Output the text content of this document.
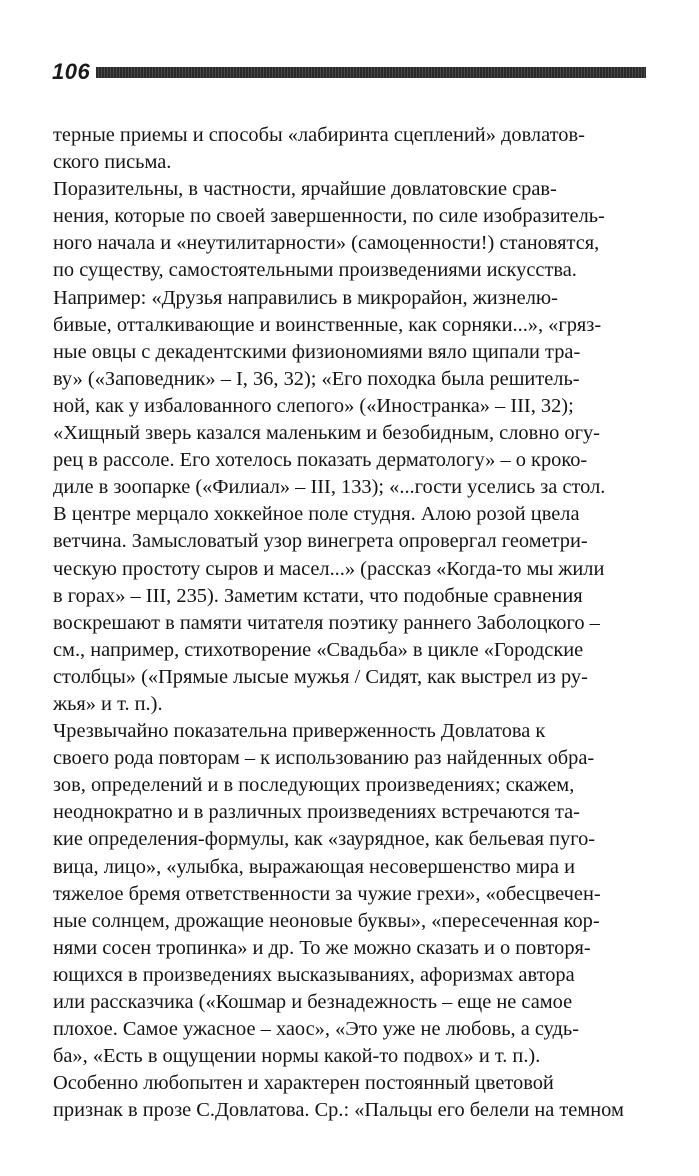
106

терные приемы и способы «лабиринта сцеплений» довлатов-
ского письма.

Поразительны, в частности, ярчайшие довлатовские срав-
нения, которые по своей завершенности, по силе изобразитель-
ного начала и «неутилитарности» (самоценности!) становятся,
по существу, самостоятельными произведениями искусства.

Например: «Друзья направились в микрорайон, жизнелю-
бивые, отталкивающие и воинственные, как сорняки...», «гряз-
ные овцы с декадентскими физиономиями вяло щипали тра-
ву» («Заповедник» – I, 36, 32); «Его походка была решитель-
ной, как у избалованного слепого» («Иностранка» – III, 32);
«Хищный зверь казался маленьким и безобидным, словно огу-
рец в рассоле. Его хотелось показать дерматологу» – о кроко-
диле в зоопарке («Филиал» – III, 133); «...гости уселись за стол.
В центре мерцало хоккейное поле студня. Алою розой цвела
ветчина. Замысловатый узор винегрета опровергал геометри-
ческую простоту сыров и масел...» (рассказ «Когда-то мы жили
в горах» – III, 235). Заметим кстати, что подобные сравнения
воскрешают в памяти читателя поэтику раннего Заболоцкого –
см., например, стихотворение «Свадьба» в цикле «Городские
столбцы» («Прямые лысые мужья / Сидят, как выстрел из ру-
жья» и т. п.).

Чрезвычайно показательна приверженность Довлатова к
своего рода повторам – к использованию раз найденных обра-
зов, определений и в последующих произведениях; скажем,
неоднократно и в различных произведениях встречаются та-
кие определения-формулы, как «заурядное, как бельевая пуго-
вица, лицо», «улыбка, выражающая несовершенство мира и
тяжелое бремя ответственности за чужие грехи», «обесцвечен-
ные солнцем, дрожащие неоновые буквы», «пересеченная кор-
нями сосен тропинка» и др. То же можно сказать и о повторя-
ющихся в произведениях высказываниях, афоризмах автора
или рассказчика («Кошмар и безнадежность – еще не самое
плохое. Самое ужасное – хаос», «Это уже не любовь, а судь-
ба», «Есть в ощущении нормы какой-то подвох» и т. п.).

Особенно любопытен и характерен постоянный цветовой
признак в прозе С.Довлатова. Ср.: «Пальцы его белели на темном
